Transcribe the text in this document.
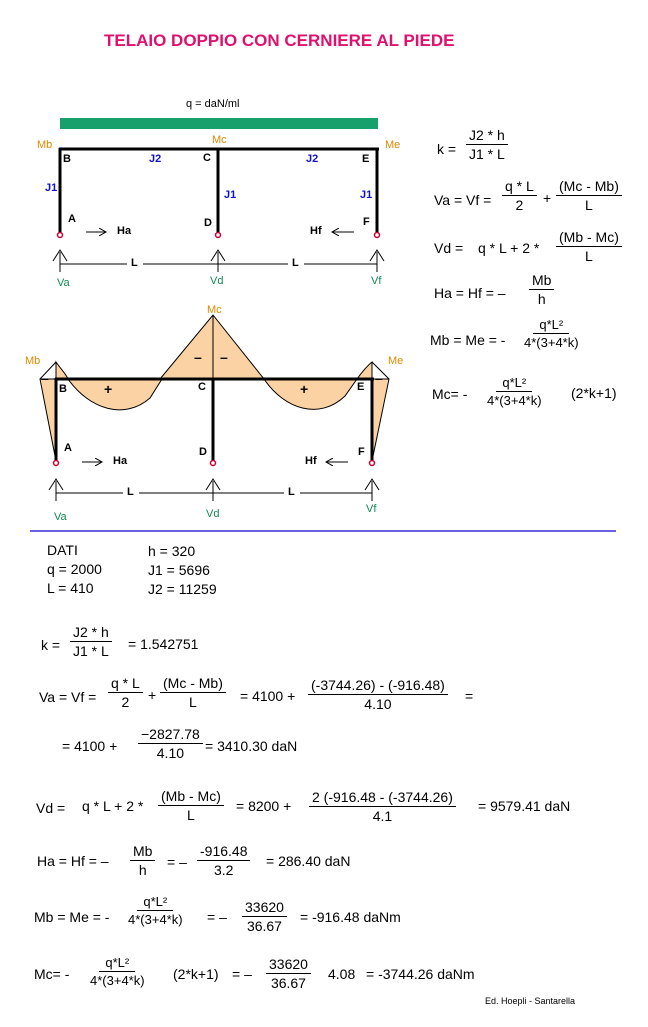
TELAIO DOPPIO CON CERNIERE AL PIEDE
q = daN/ml
Mb	Mc	Me
B	C	E
J2	J2
J1
J1	J1
A	D	F
Ha	Hf
L	L
Va	Vd	Vf
Mc
Mb	Me
– –
–	–
+	+
B	C	E
A	D	F
Ha	Hf
L	L
Va	Vd	Vf
$k = \frac{J2 * h}{J1 * L}$
$Va = Vf = \frac{q * L}{2} + \frac{(Mc - Mb)}{L}$
$Vd = q * L + 2 * \frac{(Mb - Mc)}{L}$
Ha = Hf = – $\frac{Mb}{h}$
Mb = Me = - $\frac{\text{q*L²}}{4*(3+4*k)}$
$Mc= - \frac{\text{q*L²}}{4*(3+4*k)} (2*k+1)$
DATI
q = 2000
L = 410
h = 320
J1 = 5696
J2 = 11259
$k = \frac{J2 * h}{J1 * L} = 1.542751$
$Va = Vf = \frac{q * L}{2} + \frac{(Mc - Mb)}{L} = 4100 + \frac{(-3744.26) - (-916.48)}{4.10}$ =
= $4100 + \frac{-2827.78}{4.10} = 3410.30$ daN
$Vd = q * L + 2 * \frac{(Mb - Mc)}{L} = 8200 + \frac{2 (-916.48 - (-3744.26)}{4.1} = 9579.41$ daN
Ha = Hf = – $\frac{Mb}{h}$ = – $\frac{-916.48}{3.2} = 286.40$ daN
Mb = Me = - $\frac{\text{q*L²}}{4*(3+4*k)}$ = – $\frac{33620}{36.67} = -916.48$ daNm
$Mc= - \frac{\text{q*L²}}{4*(3+4*k)} (2*k+1)$ = – $\frac{33620}{36.67} 4.08 = -3744.26$ daNm
Ed. Hoepli - Santarella
